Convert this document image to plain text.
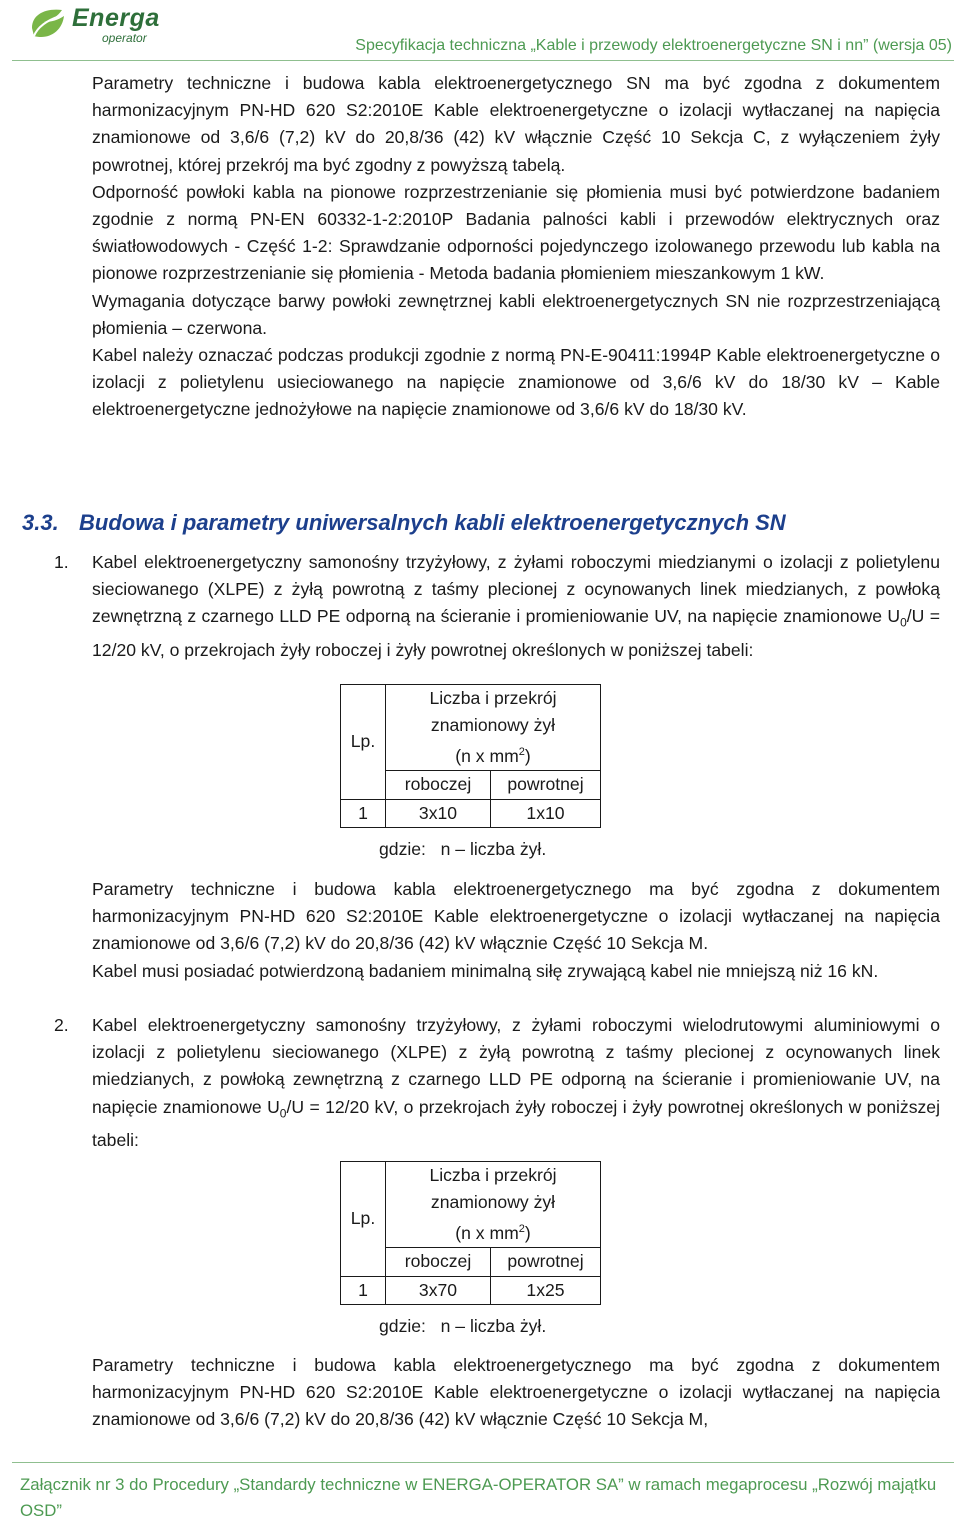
Energa
operator	Specyfikacja techniczna „Kable i przewody elektroenergetyczne SN i nn” (wersja 05)

Parametry techniczne i budowa kabla elektroenergetycznego SN ma być zgodna z dokumentem harmonizacyjnym PN-HD 620 S2:2010E Kable elektroenergetyczne o izolacji wytłaczanej na napięcia znamionowe od 3,6/6 (7,2) kV do 20,8/36 (42) kV włącznie Część 10 Sekcja C, z wyłączeniem żyły powrotnej, której przekrój ma być zgodny z powyższą tabelą.

Odporność powłoki kabla na pionowe rozprzestrzenianie się płomienia musi być potwierdzone badaniem zgodnie z normą PN-EN 60332-1-2:2010P Badania palności kabli i przewodów elektrycznych oraz światłowodowych - Część 1-2: Sprawdzanie odporności pojedynczego izolowanego przewodu lub kabla na pionowe rozprzestrzenianie się płomienia - Metoda badania płomieniem mieszankowym 1 kW.

Wymagania dotyczące barwy powłoki zewnętrznej kabli elektroenergetycznych SN nie rozprzestrzeniającą płomienia – czerwona.

Kabel należy oznaczać podczas produkcji zgodnie z normą PN-E-90411:1994P Kable elektroenergetyczne o izolacji z polietylenu usieciowanego na napięcie znamionowe od 3,6/6 kV do 18/30 kV – Kable elektroenergetyczne jednożyłowe na napięcie znamionowe od 3,6/6 kV do 18/30 kV.

3.3. Budowa i parametry uniwersalnych kabli elektroenergetycznych SN
1. Kabel elektroenergetyczny samonośny trzyżyłowy, z żyłami roboczymi miedzianymi o izolacji z polietylenu sieciowanego (XLPE) z żyłą powrotną z taśmy plecionej z ocynowanych linek miedzianych, z powłoką zewnętrzną z czarnego LLD PE odporną na ścieranie i promieniowanie UV, na napięcie znamionowe $U_0/U = 12/20$ kV, o przekrojach żyły roboczej i żyły powrotnej określonych w poniższej tabeli:

Lp.	Liczba i przekrój
znamionowy żył
(n x $mm^2$)	

	roboczej	powrotnej
1	3x10	1x10
gdzie:   n – liczba żył.

Parametry techniczne i budowa kabla elektroenergetycznego ma być zgodna z dokumentem harmonizacyjnym PN-HD 620 S2:2010E Kable elektroenergetyczne o izolacji wytłaczanej na napięcia znamionowe od 3,6/6 (7,2) kV do 20,8/36 (42) kV włącznie Część 10 Sekcja M.

Kabel musi posiadać potwierdzoną badaniem minimalną siłę zrywającą kabel nie mniejszą niż 16 kN.

2. Kabel elektroenergetyczny samonośny trzyżyłowy, z żyłami roboczymi wielodrutowymi aluminiowymi o izolacji z polietylenu sieciowanego (XLPE) z żyłą powrotną z taśmy plecionej z ocynowanych linek miedzianych, z powłoką zewnętrzną z czarnego LLD PE odporną na ścieranie i promieniowanie UV, na napięcie znamionowe $U_0/U = 12/20$ kV, o przekrojach żyły roboczej i żyły powrotnej określonych w poniższej tabeli:

Lp.	Liczba i przekrój
znamionowy żył
(n x $mm^2$)	

	roboczej	powrotnej
1	3x70	1x25
gdzie:   n – liczba żył.

Parametry techniczne i budowa kabla elektroenergetycznego ma być zgodna z dokumentem harmonizacyjnym PN-HD 620 S2:2010E Kable elektroenergetyczne o izolacji wytłaczanej na napięcia znamionowe od 3,6/6 (7,2) kV do 20,8/36 (42) kV włącznie Część 10 Sekcja M,

Załącznik nr 3 do Procedury „Standardy techniczne w ENERGA-OPERATOR SA” w ramach megaprocesu „Rozwój majątku OSD”
